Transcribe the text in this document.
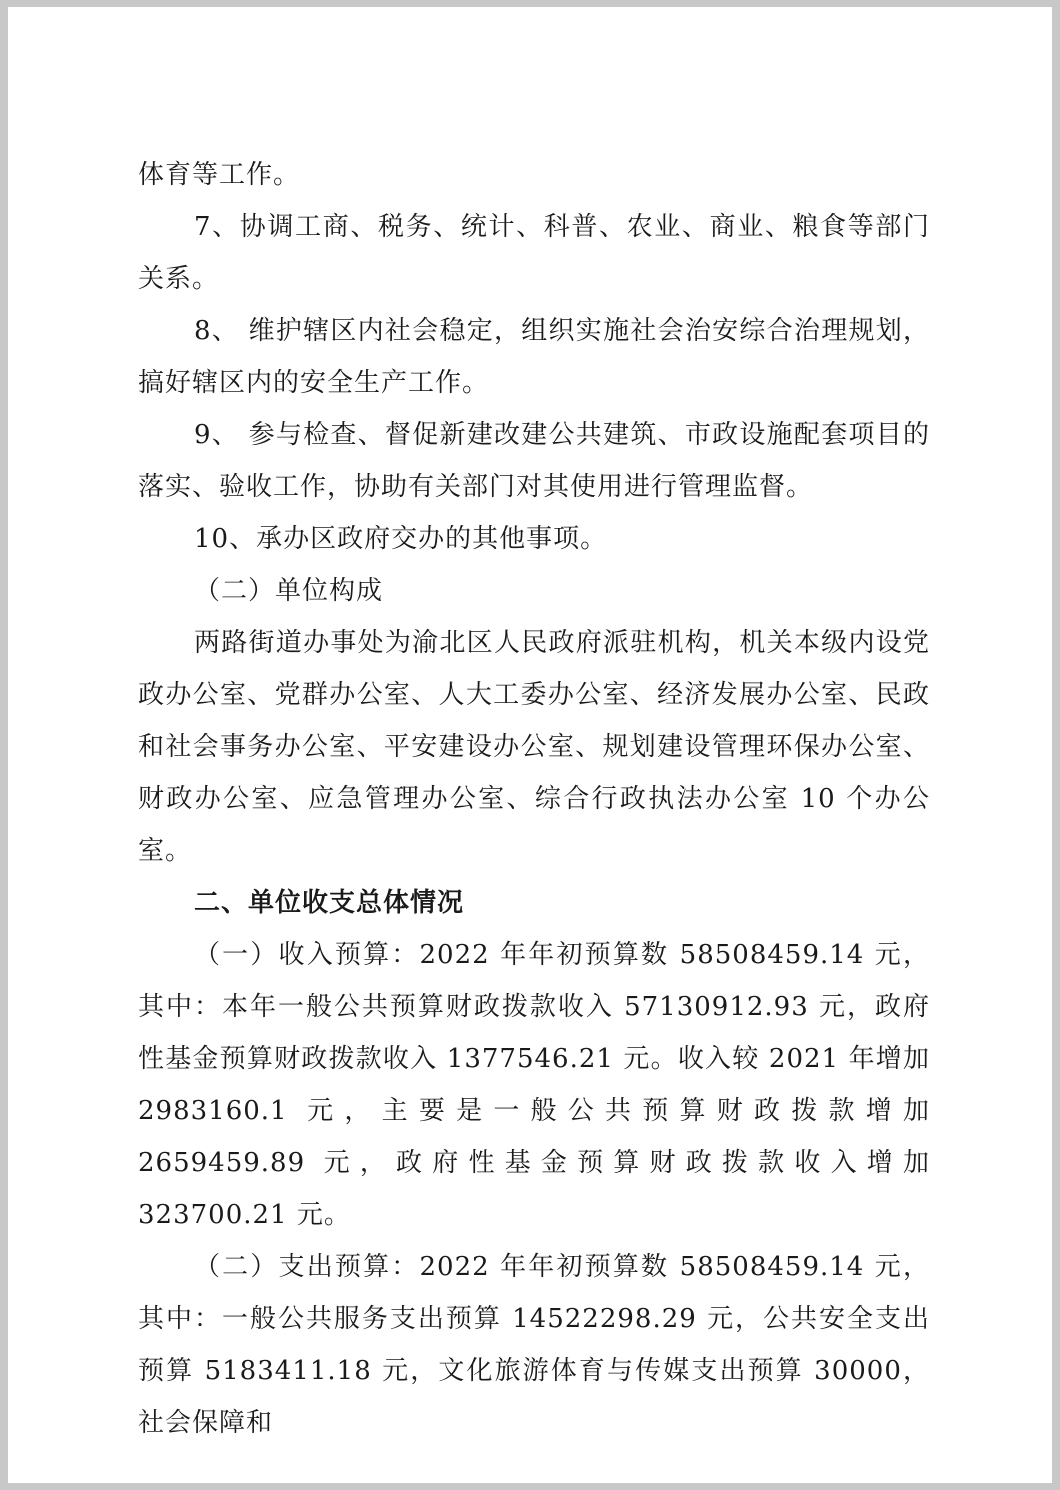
体育等工作。

7、协调工商、税务、统计、科普、农业、商业、粮食等部门关系。

8、 维护辖区内社会稳定，组织实施社会治安综合治理规划，搞好辖区内的安全生产工作。

9、 参与检查、督促新建改建公共建筑、市政设施配套项目的落实、验收工作，协助有关部门对其使用进行管理监督。

10、承办区政府交办的其他事项。

（二）单位构成

两路街道办事处为渝北区人民政府派驻机构，机关本级内设党政办公室、党群办公室、人大工委办公室、经济发展办公室、民政和社会事务办公室、平安建设办公室、规划建设管理环保办公室、财政办公室、应急管理办公室、综合行政执法办公室 10 个办公室。

二、单位收支总体情况

（一）收入预算：2022 年年初预算数 58508459.14 元，其中：本年一般公共预算财政拨款收入 57130912.93 元，政府性基金预算财政拨款收入 1377546.21 元。收入较 2021 年增加 2983160.1 元，主要是一般公共预算财政拨款增加 2659459.89 元，政府性基金预算财政拨款收入增加 323700.21 元。

（二）支出预算：2022 年年初预算数 58508459.14 元，其中：一般公共服务支出预算 14522298.29 元，公共安全支出预算 5183411.18 元，文化旅游体育与传媒支出预算 30000，社会保障和
